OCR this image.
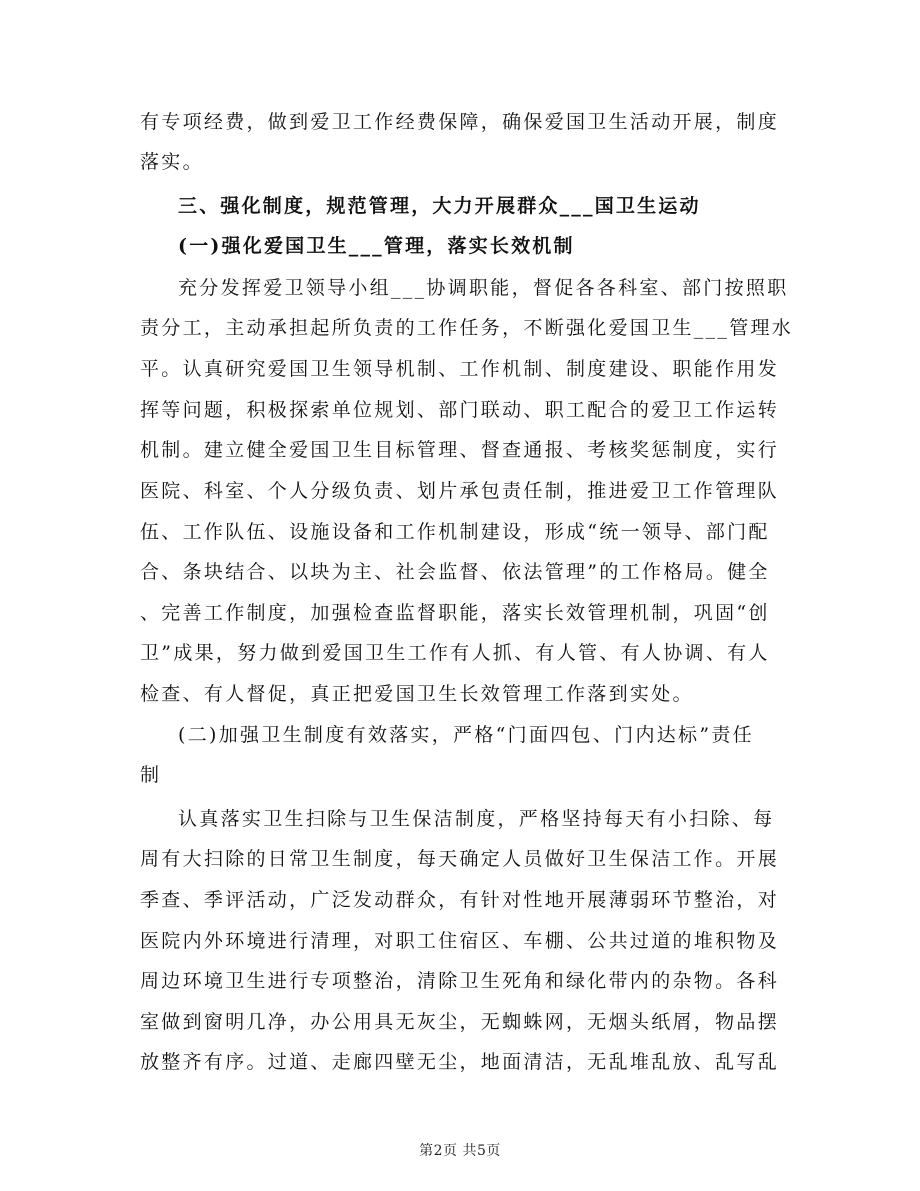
有专项经费，做到爱卫工作经费保障，确保爱国卫生活动开展，制度
落实。
三、强化制度，规范管理，大力开展群众___国卫生运动
(一)强化爱国卫生___管理，落实长效机制
充分发挥爱卫领导小组___协调职能，督促各各科室、部门按照职
责分工，主动承担起所负责的工作任务，不断强化爱国卫生___管理水
平。认真研究爱国卫生领导机制、工作机制、制度建设、职能作用发
挥等问题，积极探索单位规划、部门联动、职工配合的爱卫工作运转
机制。建立健全爱国卫生目标管理、督查通报、考核奖惩制度，实行
医院、科室、个人分级负责、划片承包责任制，推进爱卫工作管理队
伍、工作队伍、设施设备和工作机制建设，形成“统一领导、部门配
合、条块结合、以块为主、社会监督、依法管理”的工作格局。健全
、完善工作制度，加强检查监督职能，落实长效管理机制，巩固“创
卫”成果，努力做到爱国卫生工作有人抓、有人管、有人协调、有人
检查、有人督促，真正把爱国卫生长效管理工作落到实处。
(二)加强卫生制度有效落实，严格“门面四包、门内达标”责任
制
认真落实卫生扫除与卫生保洁制度，严格坚持每天有小扫除、每
周有大扫除的日常卫生制度，每天确定人员做好卫生保洁工作。开展
季查、季评活动，广泛发动群众，有针对性地开展薄弱环节整治，对
医院内外环境进行清理，对职工住宿区、车棚、公共过道的堆积物及
周边环境卫生进行专项整治，清除卫生死角和绿化带内的杂物。各科
室做到窗明几净，办公用具无灰尘，无蜘蛛网，无烟头纸屑，物品摆
放整齐有序。过道、走廊四壁无尘，地面清洁，无乱堆乱放、乱写乱
第2页 共5页
